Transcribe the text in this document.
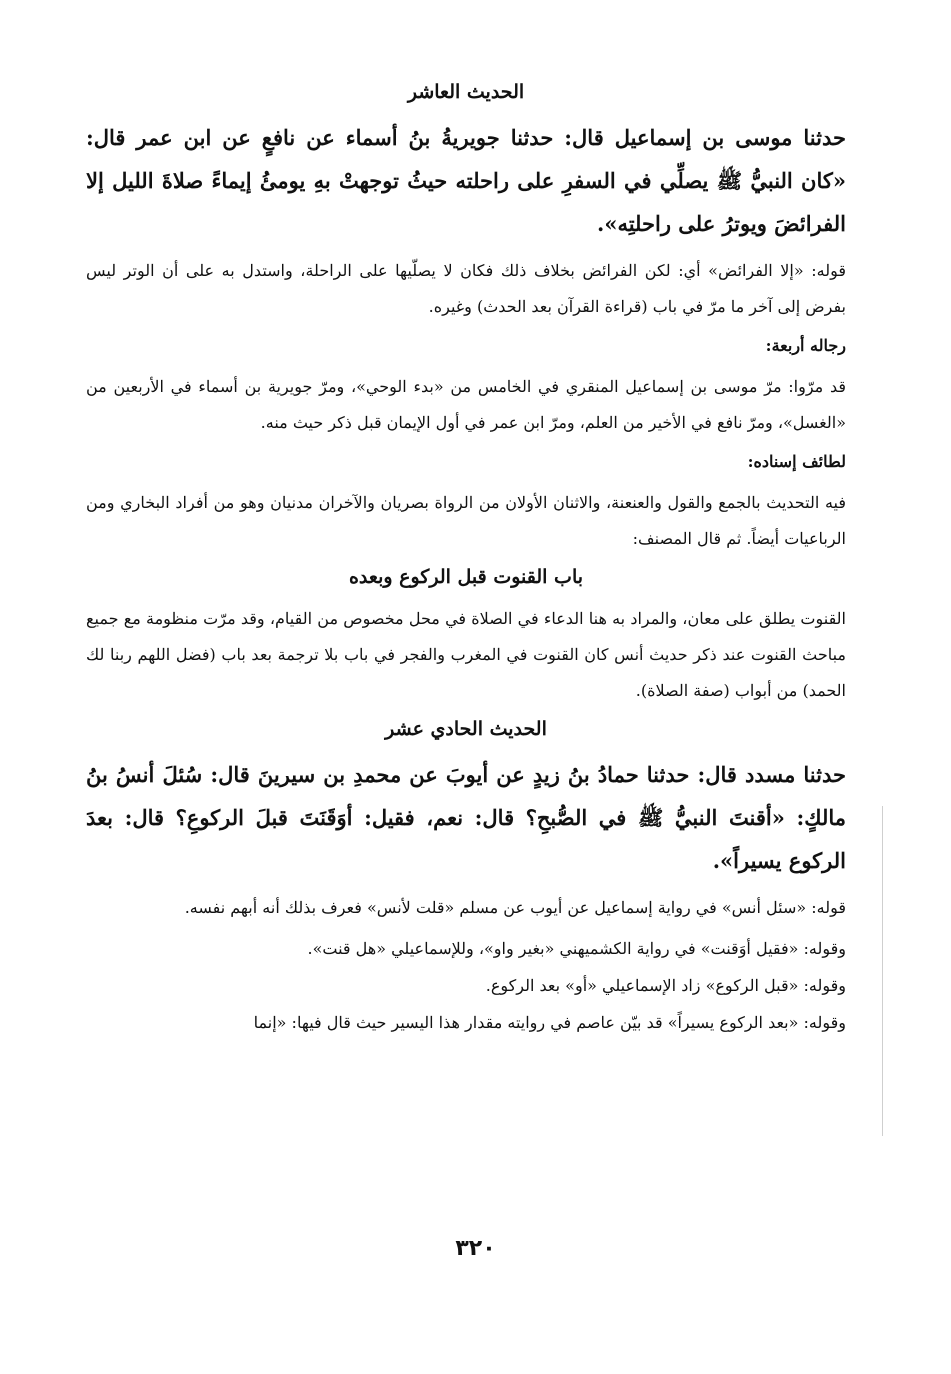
الحديث العاشر

حدثنا موسى بن إسماعيل قال: حدثنا جويريةُ بنُ أسماء عن نافعٍ عن ابن عمر قال: «كان النبيُّ ﷺ يصلِّي في السفرِ على راحلته حيثُ توجهتْ بهِ يومئُ إيماءً صلاةَ الليل إلا الفرائضَ ويوترُ على راحلتِه».

قوله: «إلا الفرائض» أي: لكن الفرائض بخلاف ذلك فكان لا يصلّيها على الراحلة، واستدل به على أن الوتر ليس بفرض إلى آخر ما مرّ في باب (قراءة القرآن بعد الحدث) وغيره.

رجاله أربعة:

قد مرّوا: مرّ موسى بن إسماعيل المنقري في الخامس من «بدء الوحي»، ومرّ جويرية بن أسماء في الأربعين من «الغسل»، ومرّ نافع في الأخير من العلم، ومرّ ابن عمر في أول الإيمان قبل ذكر حيث منه.

لطائف إسناده:

فيه التحديث بالجمع والقول والعنعنة، والاثنان الأولان من الرواة بصريان والآخران مدنيان وهو من أفراد البخاري ومن الرباعيات أيضاً. ثم قال المصنف:

باب القنوت قبل الركوع وبعده

القنوت يطلق على معان، والمراد به هنا الدعاء في الصلاة في محل مخصوص من القيام، وقد مرّت منظومة مع جميع مباحث القنوت عند ذكر حديث أنس كان القنوت في المغرب والفجر في باب بلا ترجمة بعد باب (فضل اللهم ربنا لك الحمد) من أبواب (صفة الصلاة).

الحديث الحادي عشر

حدثنا مسدد قال: حدثنا حمادُ بنُ زيدٍ عن أيوبَ عن محمدِ بن سيرينَ قال: سُئلَ أنسُ بنُ مالكٍ: «أقنتَ النبيُّ ﷺ في الصُّبحِ؟ قال: نعم، فقيل: أوَقَنَتَ قبلَ الركوعِ؟ قال: بعدَ الركوع يسيراً».

قوله: «سئل أنس» في رواية إسماعيل عن أيوب عن مسلم «قلت لأنس» فعرف بذلك أنه أبهم نفسه.

وقوله: «فقيل أوَقنت» في رواية الكشميهني «بغير واو»، وللإسماعيلي «هل قنت».

وقوله: «قبل الركوع» زاد الإسماعيلي «أو» بعد الركوع.

وقوله: «بعد الركوع يسيراً» قد بيّن عاصم في روايته مقدار هذا اليسير حيث قال فيها: «إنما

٣٢٠
